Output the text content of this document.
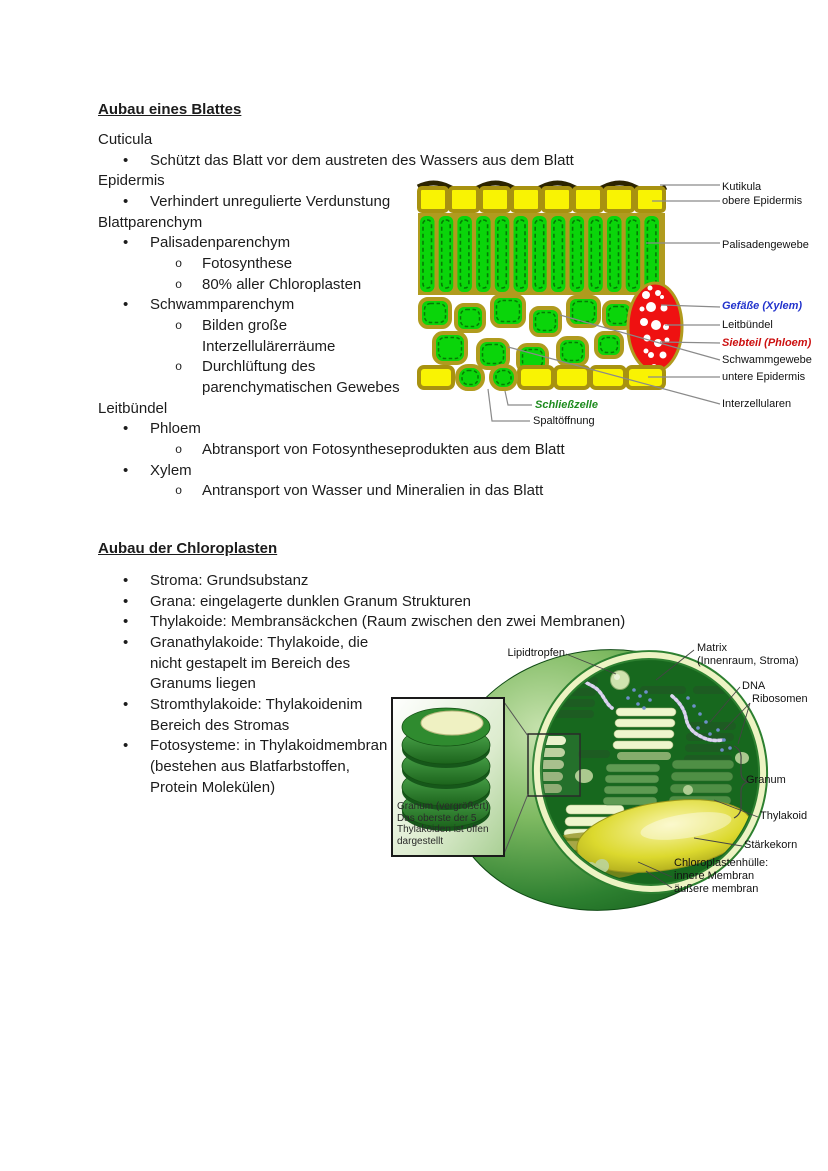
Aubau eines Blattes
Cuticula
•	Schützt das Blatt vor dem austreten des Wassers aus dem Blatt
Epidermis
•	Verhindert unregulierte Verdunstung
Blattparenchym
•	Palisadenparenchym
o	Fotosynthese
o	80% aller Chloroplasten
•	Schwammparenchym
o	Bilden große
Interzellulärerräume
o	Durchlüftung des
parenchymatischen Gewebes
Leitbündel
•	Phloem
o	Abtransport von Fotosyntheseprodukten aus dem Blatt
•	Xylem
o	Antransport von Wasser und Mineralien in das Blatt
Aubau der Chloroplasten
•	Stroma: Grundsubstanz
•	Grana: eingelagerte dunklen Granum Strukturen
•	Thylakoide: Membransäckchen (Raum zwischen den zwei Membranen)
•	Granathylakoide: Thylakoide, die
nicht gestapelt im Bereich des
Granums liegen
•	Stromthylakoide: Thylakoidenim
Bereich des Stromas
•	Fotosysteme: in Thylakoidmembran
(bestehen aus Blatfarbstoffen,
Protein Molekülen)
Kutikula
obere Epidermis
Palisadengewebe
Gefäße (Xylem)
Leitbündel
Siebteil (Phloem)
Schwammgewebe
untere Epidermis
Interzellularen
Schließzelle
Spaltöffnung
Lipidtropfen	Matrix
(Innenraum, Stroma)
DNA
Ribosomen
Granum
Thylakoid
Stärkekorn
Chloroplastenhülle:
innere Membran
äußere membran
Granum (vergrößert)
Das oberste der 5
Thylakoiden ist offen
dargestellt
